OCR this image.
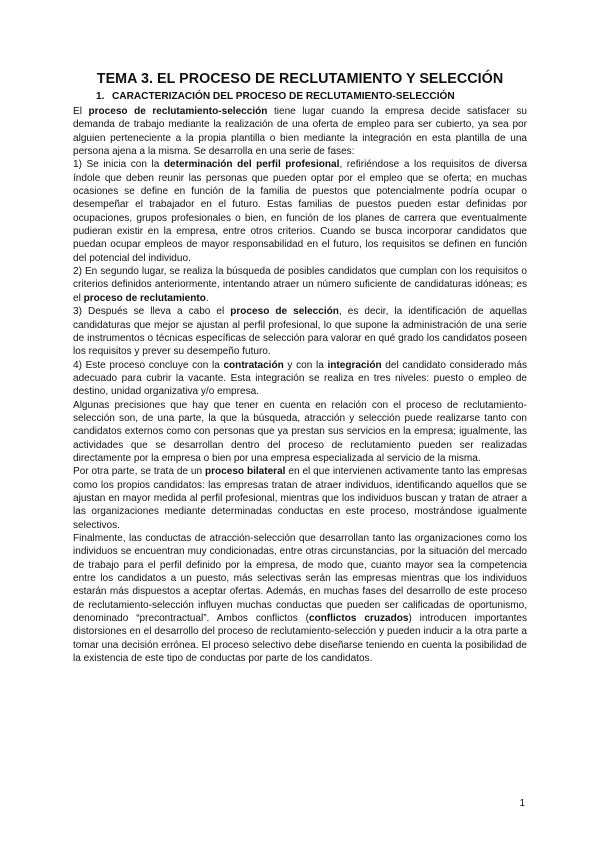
TEMA 3. EL PROCESO DE RECLUTAMIENTO Y SELECCIÓN
1. CARACTERIZACIÓN DEL PROCESO DE RECLUTAMIENTO-SELECCIÓN

El proceso de reclutamiento-selección tiene lugar cuando la empresa decide satisfacer su demanda de trabajo mediante la realización de una oferta de empleo para ser cubierto, ya sea por alguien perteneciente a la propia plantilla o bien mediante la integración en esta plantilla de una persona ajena a la misma. Se desarrolla en una serie de fases:

1) Se inicia con la determinación del perfil profesional, refiriéndose a los requisitos de diversa índole que deben reunir las personas que pueden optar por el empleo que se oferta; en muchas ocasiones se define en función de la familia de puestos que potencialmente podría ocupar o desempeñar el trabajador en el futuro. Estas familias de puestos pueden estar definidas por ocupaciones, grupos profesionales o bien, en función de los planes de carrera que eventualmente pudieran existir en la empresa, entre otros criterios. Cuando se busca incorporar candidatos que puedan ocupar empleos de mayor responsabilidad en el futuro, los requisitos se definen en función del potencial del individuo.

2) En segundo lugar, se realiza la búsqueda de posibles candidatos que cumplan con los requisitos o criterios definidos anteriormente, intentando atraer un número suficiente de candidaturas idóneas; es el proceso de reclutamiento.

3) Después se lleva a cabo el proceso de selección, es decir, la identificación de aquellas candidaturas que mejor se ajustan al perfil profesional, lo que supone la administración de una serie de instrumentos o técnicas específicas de selección para valorar en qué grado los candidatos poseen los requisitos y prever su desempeño futuro.

4) Este proceso concluye con la contratación y con la integración del candidato considerado más adecuado para cubrir la vacante. Esta integración se realiza en tres niveles: puesto o empleo de destino, unidad organizativa y/o empresa.

Algunas precisiones que hay que tener en cuenta en relación con el proceso de reclutamiento-selección son, de una parte, la que la búsqueda, atracción y selección puede realizarse tanto con candidatos externos como con personas que ya prestan sus servicios en la empresa; igualmente, las actividades que se desarrollan dentro del proceso de reclutamiento pueden ser realizadas directamente por la empresa o bien por una empresa especializada al servicio de la misma.

Por otra parte, se trata de un proceso bilateral en el que intervienen activamente tanto las empresas como los propios candidatos: las empresas tratan de atraer individuos, identificando aquellos que se ajustan en mayor medida al perfil profesional, mientras que los individuos buscan y tratan de atraer a las organizaciones mediante determinadas conductas en este proceso, mostrándose igualmente selectivos.

Finalmente, las conductas de atracción-selección que desarrollan tanto las organizaciones como los individuos se encuentran muy condicionadas, entre otras circunstancias, por la situación del mercado de trabajo para el perfil definido por la empresa, de modo que, cuanto mayor sea la competencia entre los candidatos a un puesto, más selectivas serán las empresas mientras que los individuos estarán más dispuestos a aceptar ofertas. Además, en muchas fases del desarrollo de este proceso de reclutamiento-selección influyen muchas conductas que pueden ser calificadas de oportunismo, denominado “precontractual”. Ambos conflictos (conflictos cruzados) introducen importantes distorsiones en el desarrollo del proceso de reclutamiento-selección y pueden inducir a la otra parte a tomar una decisión errónea. El proceso selectivo debe diseñarse teniendo en cuenta la posibilidad de la existencia de este tipo de conductas por parte de los candidatos.

1
